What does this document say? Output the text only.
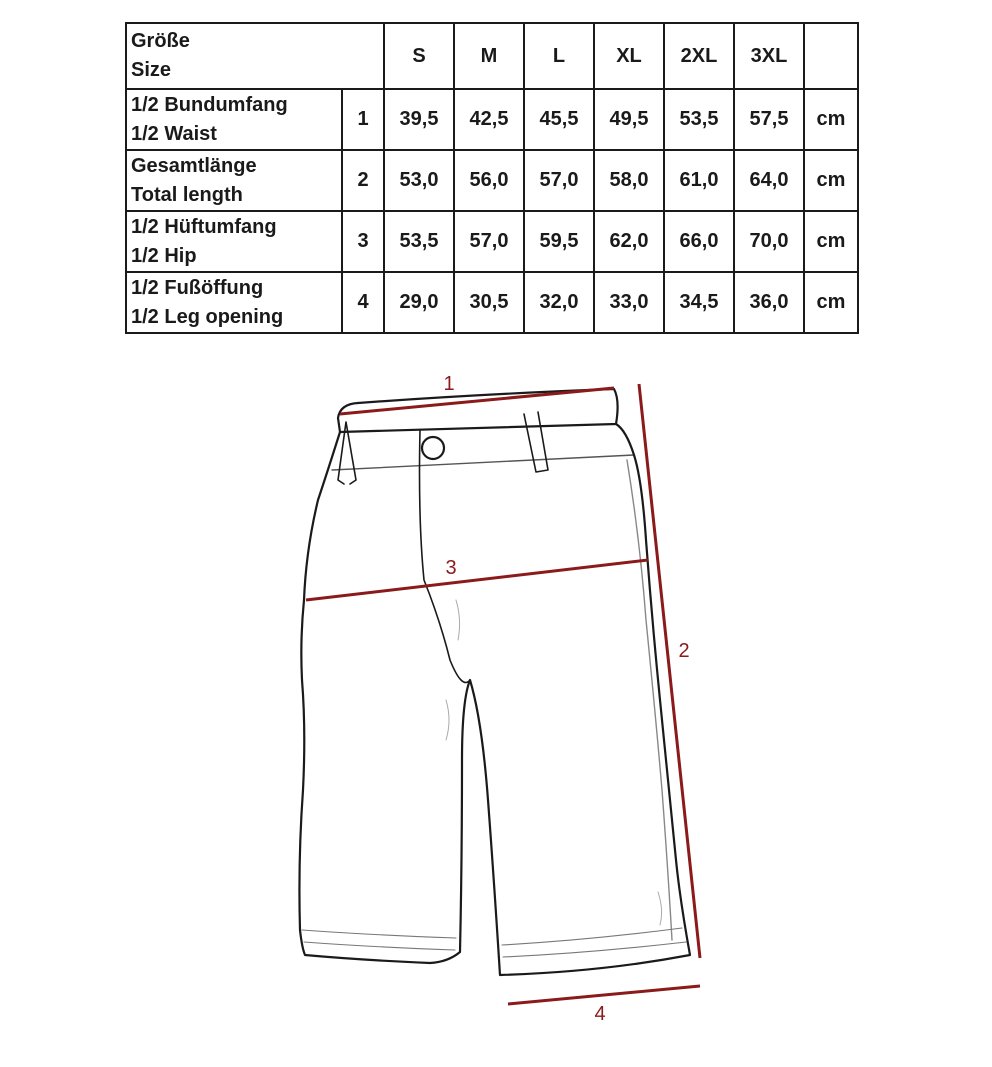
Größe
Size		S	M	L	XL	2XL	3XL	

1/2 Bundumfang
1/2 Waist	1	39,5	42,5	45,5	49,5	53,5	57,5	cm

Gesamtlänge
Total length	2	53,0	56,0	57,0	58,0	61,0	64,0	cm

1/2 Hüftumfang
1/2 Hip	3	53,5	57,0	59,5	62,0	66,0	70,0	cm

1/2 Fußöffung
1/2 Leg opening	4	29,0	30,5	32,0	33,0	34,5	36,0	cm
1
2
3
4
